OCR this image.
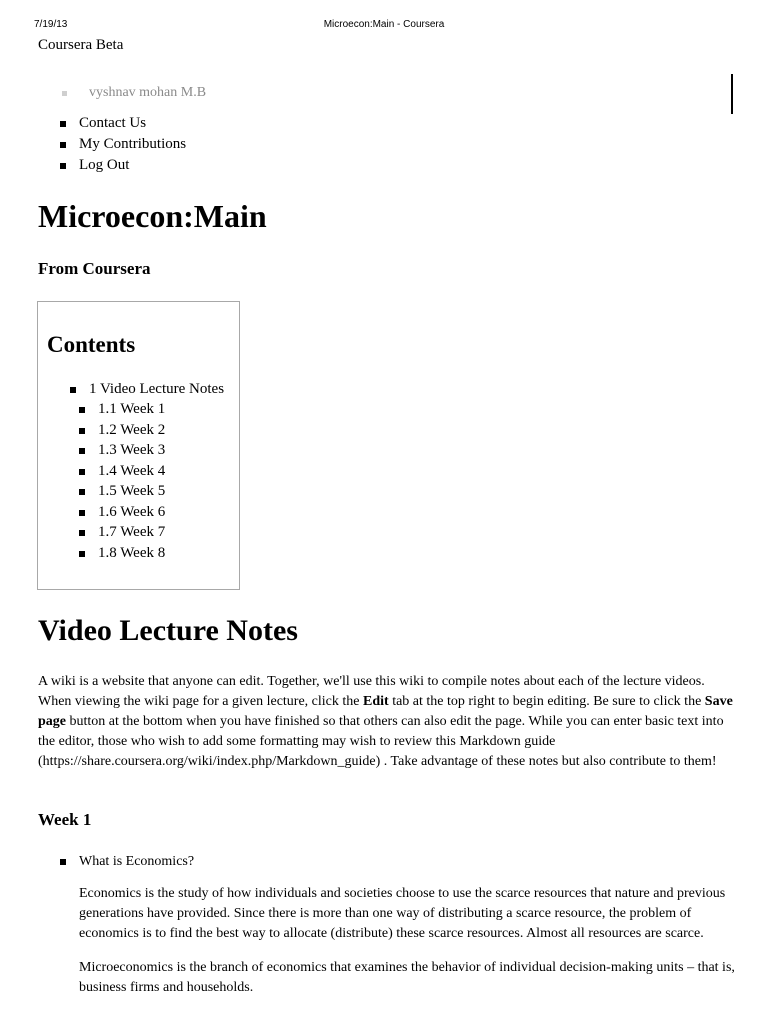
7/19/13	Microecon:Main - Coursera
Coursera Beta
vyshnav mohan M.B
Contact Us
My Contributions
Log Out
Microecon:Main
From Coursera
Contents
1 Video Lecture Notes
1.1 Week 1
1.2 Week 2
1.3 Week 3
1.4 Week 4
1.5 Week 5
1.6 Week 6
1.7 Week 7
1.8 Week 8
Video Lecture Notes

A wiki is a website that anyone can edit. Together, we'll use this wiki to compile notes about each of the lecture videos. When viewing the wiki page for a given lecture, click the Edit tab at the top right to begin editing. Be sure to click the Save page button at the bottom when you have finished so that others can also edit the page. While you can enter basic text into the editor, those who wish to add some formatting may wish to review this Markdown guide (https://share.coursera.org/wiki/index.php/Markdown_guide) . Take advantage of these notes but also contribute to them!

Week 1

What is Economics?

Economics is the study of how individuals and societies choose to use the scarce resources that nature and previous generations have provided. Since there is more than one way of distributing a scarce resource, the problem of economics is to find the best way to allocate (distribute) these scarce resources. Almost all resources are scarce.

Microeconomics is the branch of economics that examines the behavior of individual decision-making units – that is, business firms and households.
